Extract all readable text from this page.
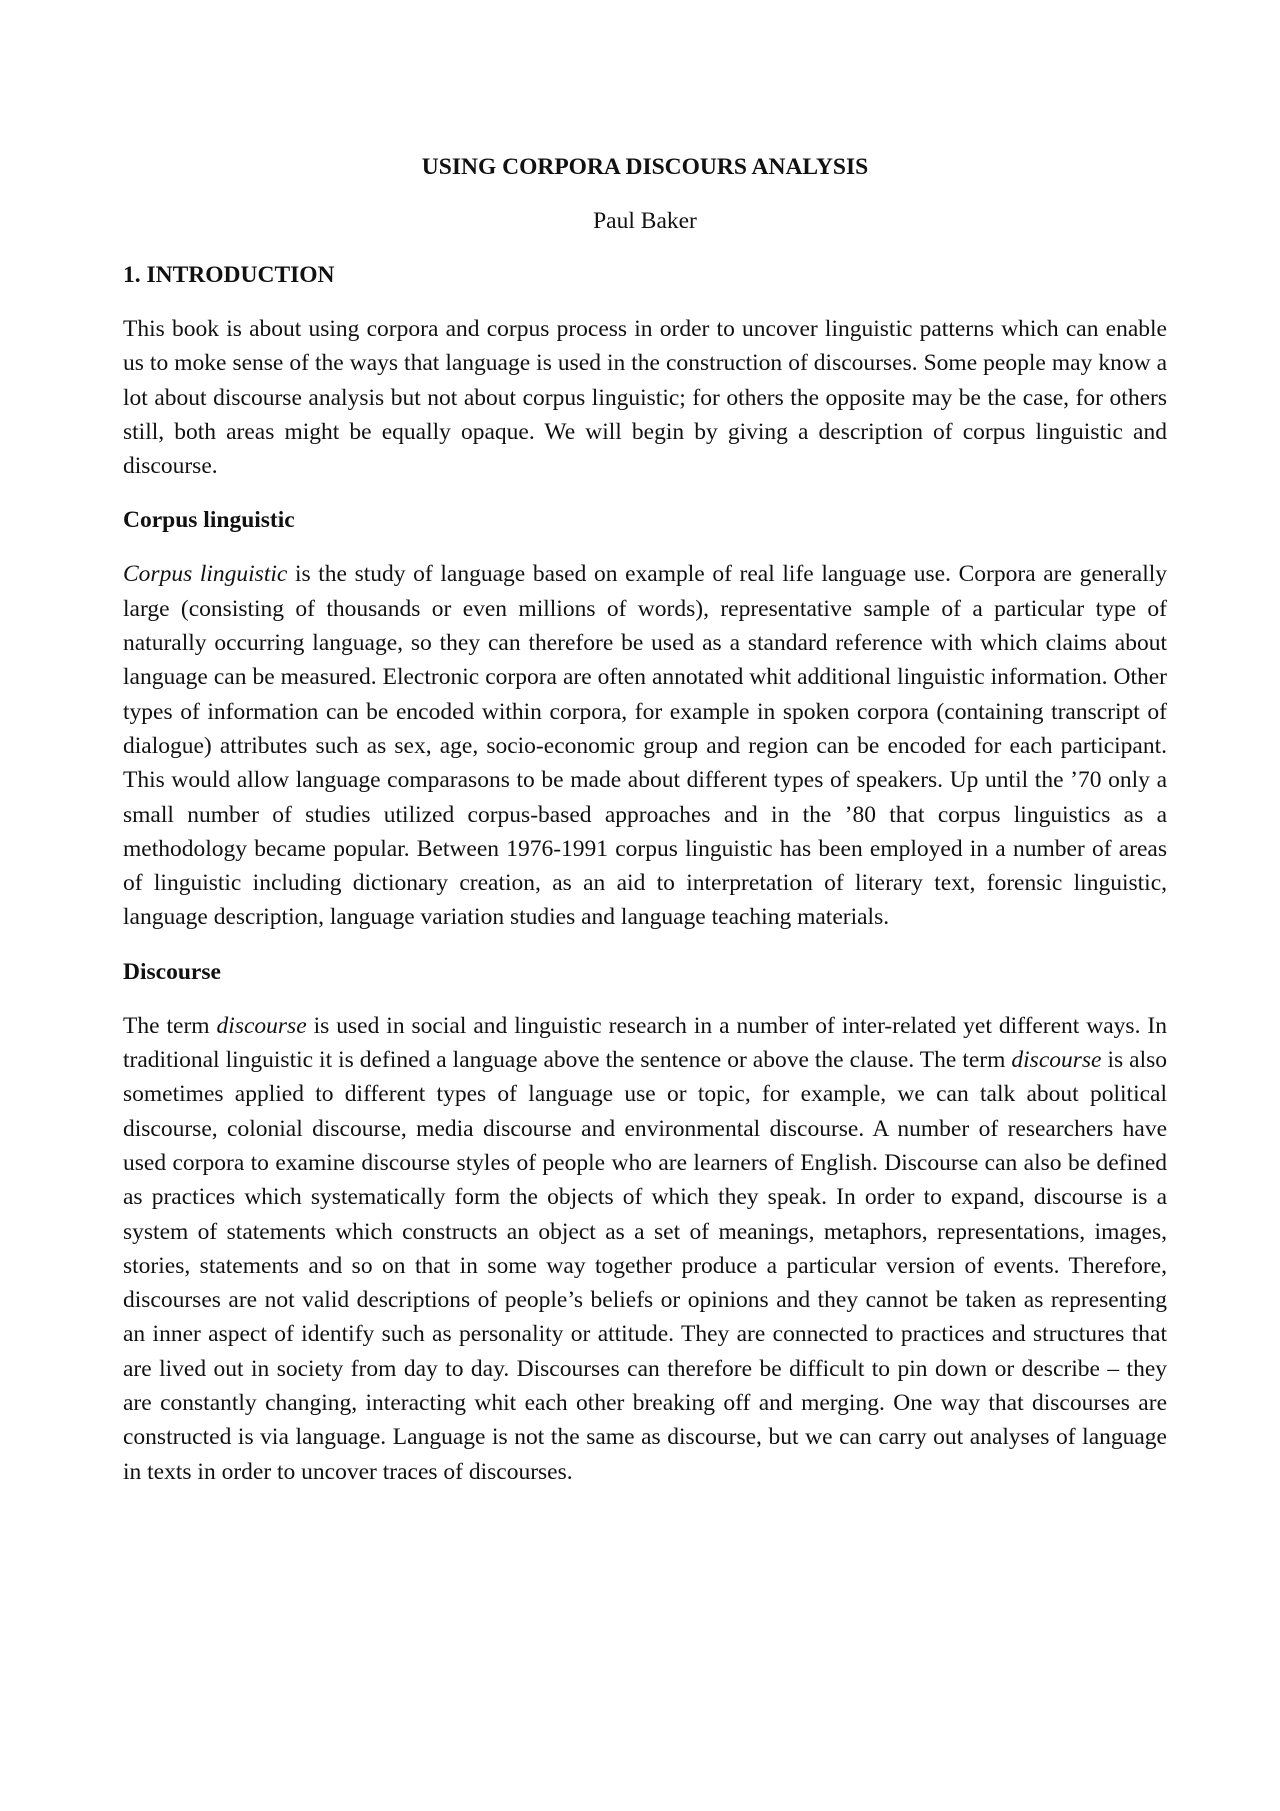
USING CORPORA DISCOURS ANALYSIS

Paul Baker

1. INTRODUCTION

This book is about using corpora and corpus process in order to uncover linguistic patterns which can enable us to moke sense of the ways that language is used in the construction of discourses. Some people may know a lot about discourse analysis but not about corpus linguistic; for others the opposite may be the case, for others still, both areas might be equally opaque. We will begin by giving a description of corpus linguistic and discourse.

Corpus linguistic

Corpus linguistic is the study of language based on example of real life language use. Corpora are generally large (consisting of thousands or even millions of words), representative sample of a particular type of naturally occurring language, so they can therefore be used as a standard reference with which claims about language can be measured. Electronic corpora are often annotated whit additional linguistic information. Other types of information can be encoded within corpora, for example in spoken corpora (containing transcript of dialogue) attributes such as sex, age, socio-economic group and region can be encoded for each participant. This would allow language comparasons to be made about different types of speakers. Up until the ’70 only a small number of studies utilized corpus-based approaches and in the ’80 that corpus linguistics as a methodology became popular. Between 1976-1991 corpus linguistic has been employed in a number of areas of linguistic including dictionary creation, as an aid to interpretation of literary text, forensic linguistic, language description, language variation studies and language teaching materials.

Discourse

The term discourse is used in social and linguistic research in a number of inter-related yet different ways. In traditional linguistic it is defined a language above the sentence or above the clause. The term discourse is also sometimes applied to different types of language use or topic, for example, we can talk about political discourse, colonial discourse, media discourse and environmental discourse. A number of researchers have used corpora to examine discourse styles of people who are learners of English. Discourse can also be defined as practices which systematically form the objects of which they speak. In order to expand, discourse is a system of statements which constructs an object as a set of meanings, metaphors, representations, images, stories, statements and so on that in some way together produce a particular version of events. Therefore, discourses are not valid descriptions of people’s beliefs or opinions and they cannot be taken as representing an inner aspect of identify such as personality or attitude. They are connected to practices and structures that are lived out in society from day to day. Discourses can therefore be difficult to pin down or describe – they are constantly changing, interacting whit each other breaking off and merging. One way that discourses are constructed is via language. Language is not the same as discourse, but we can carry out analyses of language in texts in order to uncover traces of discourses.
